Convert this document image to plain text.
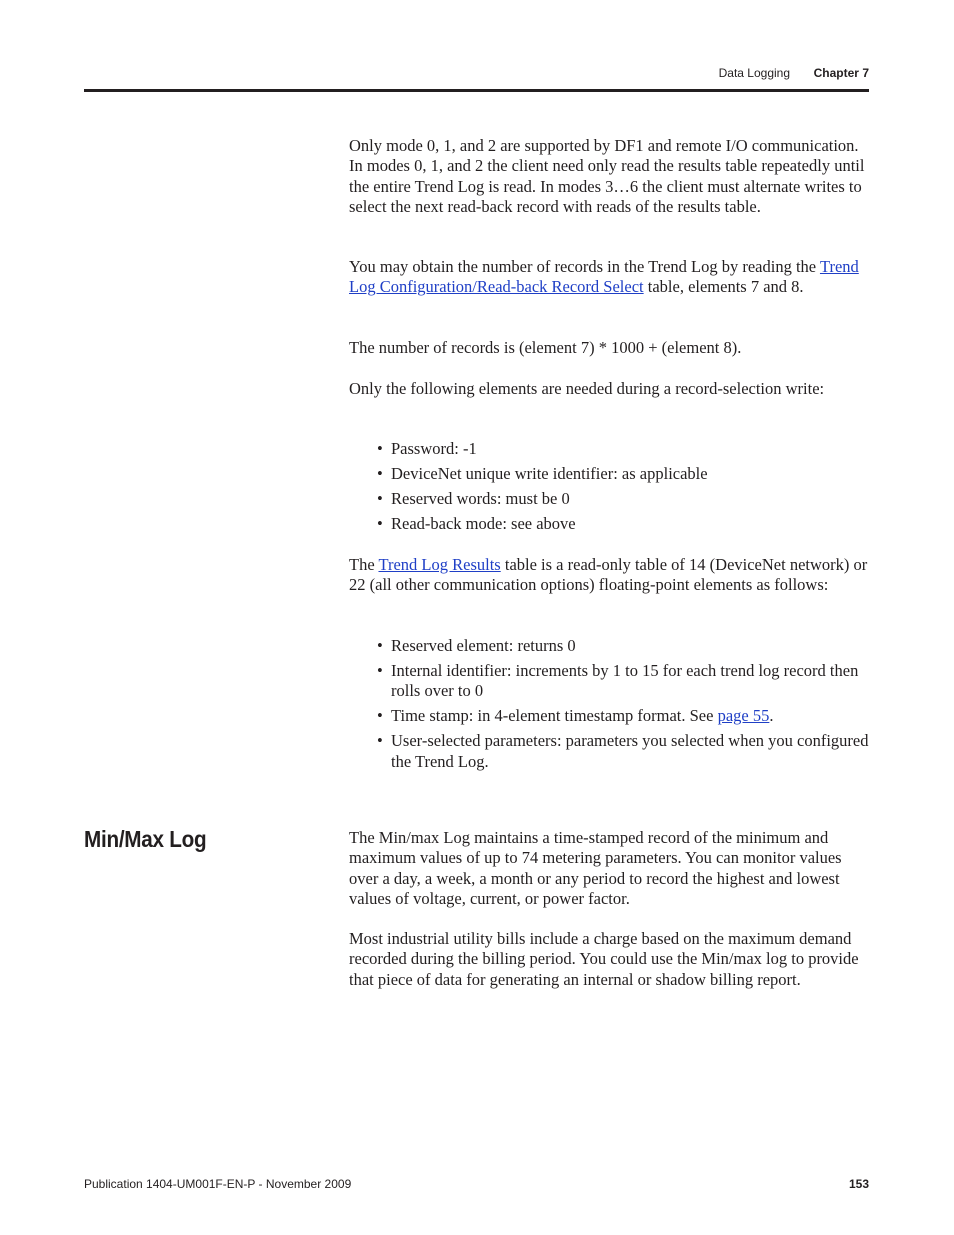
Data Logging Chapter 7

Only mode 0, 1, and 2 are supported by DF1 and remote I/O communication. In modes 0, 1, and 2 the client need only read the results table repeatedly until the entire Trend Log is read. In modes 3…6 the client must alternate writes to select the next read-back record with reads of the results table.

You may obtain the number of records in the Trend Log by reading the Trend Log Configuration/Read-back Record Select table, elements 7 and 8.

The number of records is (element 7) * 1000 + (element 8).

Only the following elements are needed during a record-selection write:

• Password: -1
• DeviceNet unique write identifier: as applicable
• Reserved words: must be 0
• Read-back mode: see above

The Trend Log Results table is a read-only table of 14 (DeviceNet network) or 22 (all other communication options) floating-point elements as follows:

• Reserved element: returns 0
• Internal identifier: increments by 1 to 15 for each trend log record then rolls over to 0
• Time stamp: in 4-element timestamp format. See page 55.
• User-selected parameters: parameters you selected when you configured the Trend Log.
Min/Max Log	The Min/max Log maintains a time-stamped record of the minimum and maximum values of up to 74 metering parameters. You can monitor values over a day, a week, a month or any period to record the highest and lowest values of voltage, current, or power factor.

Most industrial utility bills include a charge based on the maximum demand recorded during the billing period. You could use the Min/max log to provide that piece of data for generating an internal or shadow billing report.

Publication 1404-UM001F-EN-P - November 2009	153
